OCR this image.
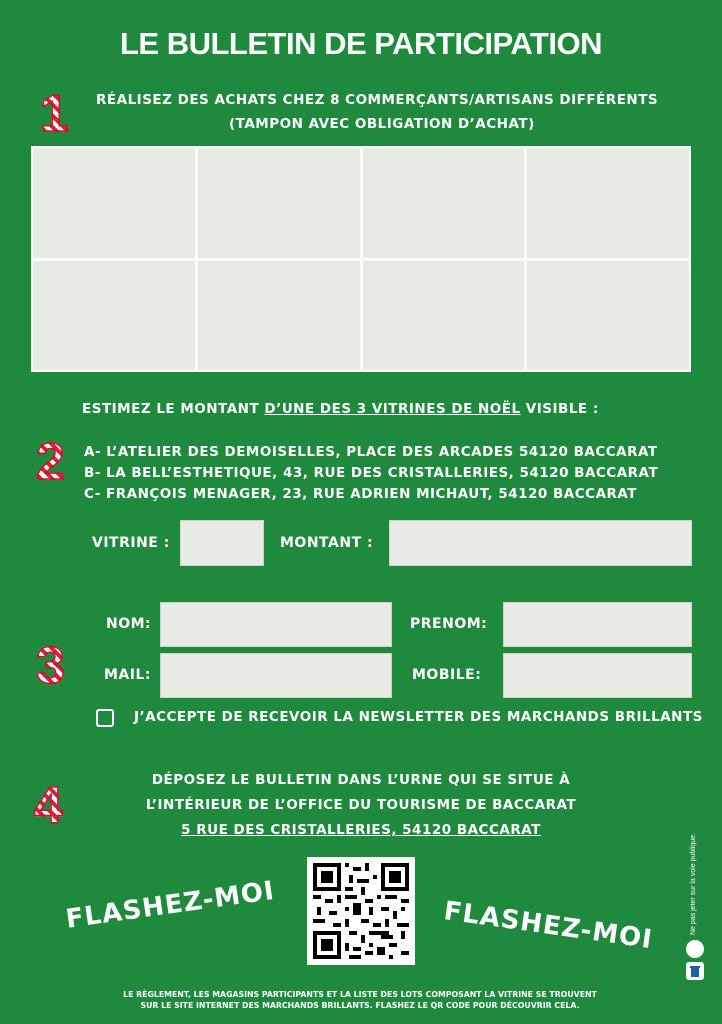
LE BULLETIN DE PARTICIPATION
1 RÉALISEZ DES ACHATS CHEZ 8 COMMERÇANTS/ARTISANS DIFFÉRENTS
(TAMPON AVEC OBLIGATION D’ACHAT)
ESTIMEZ LE MONTANT D’UNE DES 3 VITRINES DE NOËL VISIBLE :
2 A- L’ATELIER DES DEMOISELLES, PLACE DES ARCADES 54120 BACCARAT
B- LA BELL’ESTHETIQUE, 43, RUE DES CRISTALLERIES, 54120 BACCARAT
C- FRANÇOIS MENAGER, 23, RUE ADRIEN MICHAUT, 54120 BACCARAT
VITRINE :	MONTANT :
3
NOM:	PRENOM:
MAIL:	MOBILE:
J’ACCEPTE DE RECEVOIR LA NEWSLETTER DES MARCHANDS BRILLANTS
4	DÉPOSEZ LE BULLETIN DANS L’URNE QUI SE SITUE À
L’INTÉRIEUR DE L’OFFICE DU TOURISME DE BACCARAT
5 RUE DES CRISTALLERIES, 54120 BACCARAT
FLASHEZ-MOI	FLASHEZ-MOI	Ne pas jeter sur la voie publique.
LE RÈGLEMENT, LES MAGASINS PARTICIPANTS ET LA LISTE DES LOTS COMPOSANT LA VITRINE SE TROUVENT
SUR LE SITE INTERNET DES MARCHANDS BRILLANTS. FLASHEZ LE QR CODE POUR DÉCOUVRIR CELA.
